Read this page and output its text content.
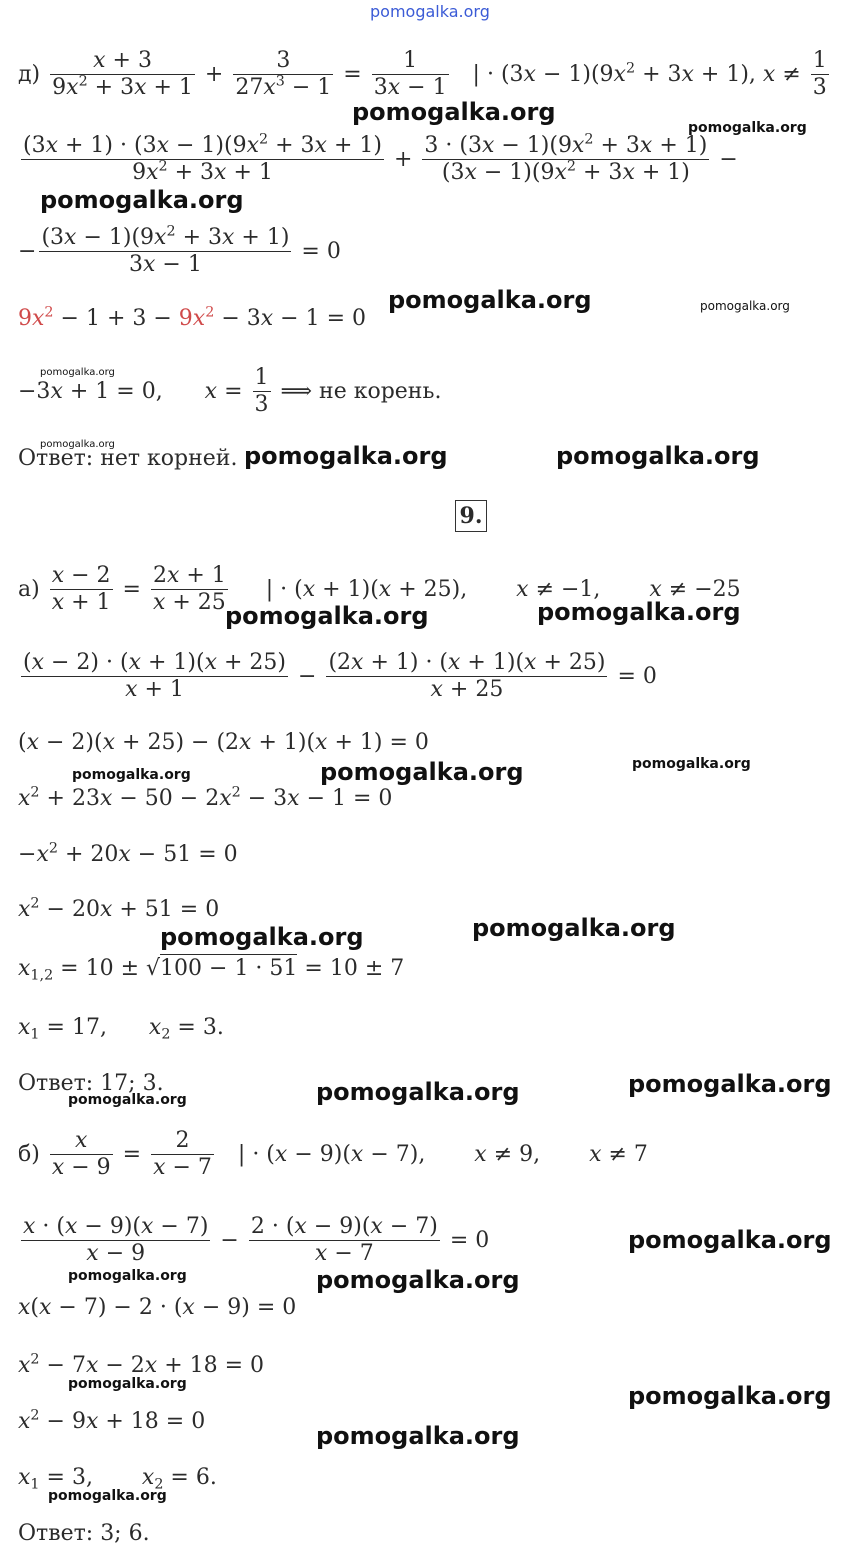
pomogalka.org
$д) \frac{x + 3}{9x^2 + 3x + 1} + \frac{3}{27x^3 - 1} = \frac{1}{3x - 1}$ | · $(3x - 1)(9x^2 + 3x + 1)$, $x \ne \frac{1}{3}$
$\frac{(3x + 1) \cdot (3x - 1)(9x^2 + 3x + 1)}{9x^2 + 3x + 1} + \frac{3 \cdot (3x - 1)(9x^2 + 3x + 1)}{(3x - 1)(9x^2 + 3x + 1)}$ −
− $\frac{(3x - 1)(9x^2 + 3x + 1)}{3x - 1} = 0$
$9x^2 - 1 + 3 - 9x^2 - 3x - 1 = 0$
−3x + 1 = 0,      $x = \frac{1}{3}$ ⟹ не корень.
Ответ: нет корней.
9.
$а) \frac{x - 2}{x + 1} = \frac{2x + 1}{x + 25}$ | · (x + 1)(x + 25),       x ≠ −1,       x ≠ −25
$\frac{(x - 2) \cdot (x + 1)(x + 25)}{x + 1} - \frac{(2x + 1) \cdot (x + 1)(x + 25)}{x + 25} = 0$
(x − 2)(x + 25) − (2x + 1)(x + 1) = 0
$x^2 + 23x - 50 - 2x^2 - 3x - 1 = 0$
$-x^2 + 20x - 51 = 0$
$x^2 - 20x + 51 = 0$
$x_{1,2} = 10 \pm √100 - 1 \cdot 51 = 10 \pm 7$
$x_1 = 17$,      $x_2 = 3$.
Ответ: 17; 3.
$б) \frac{x}{x - 9} = \frac{2}{x - 7}$ | · (x − 9)(x − 7),       x ≠ 9,       x ≠ 7
$\frac{x \cdot (x - 9)(x - 7)}{x - 9} - \frac{2 \cdot (x - 9)(x - 7)}{x - 7} = 0$
x(x − 7) − 2 · (x − 9) = 0
$x^2 - 7x - 2x + 18 = 0$
$x^2 - 9x + 18 = 0$
$x_1 = 3$,       $x_2 = 6$.
Ответ: 3; 6.
pomogalka.org
pomogalka.org
pomogalka.org
pomogalka.org	pomogalka.org
pomogalka.org
pomogalka.org	pomogalka.org	pomogalka.org
pomogalka.org	pomogalka.org
pomogalka.org	pomogalka.org	pomogalka.org
pomogalka.org
pomogalka.org
pomogalka.org
pomogalka.org
pomogalka.org
pomogalka.org
pomogalka.org	pomogalka.org
pomogalka.org	pomogalka.org
pomogalka.org
pomogalka.org
